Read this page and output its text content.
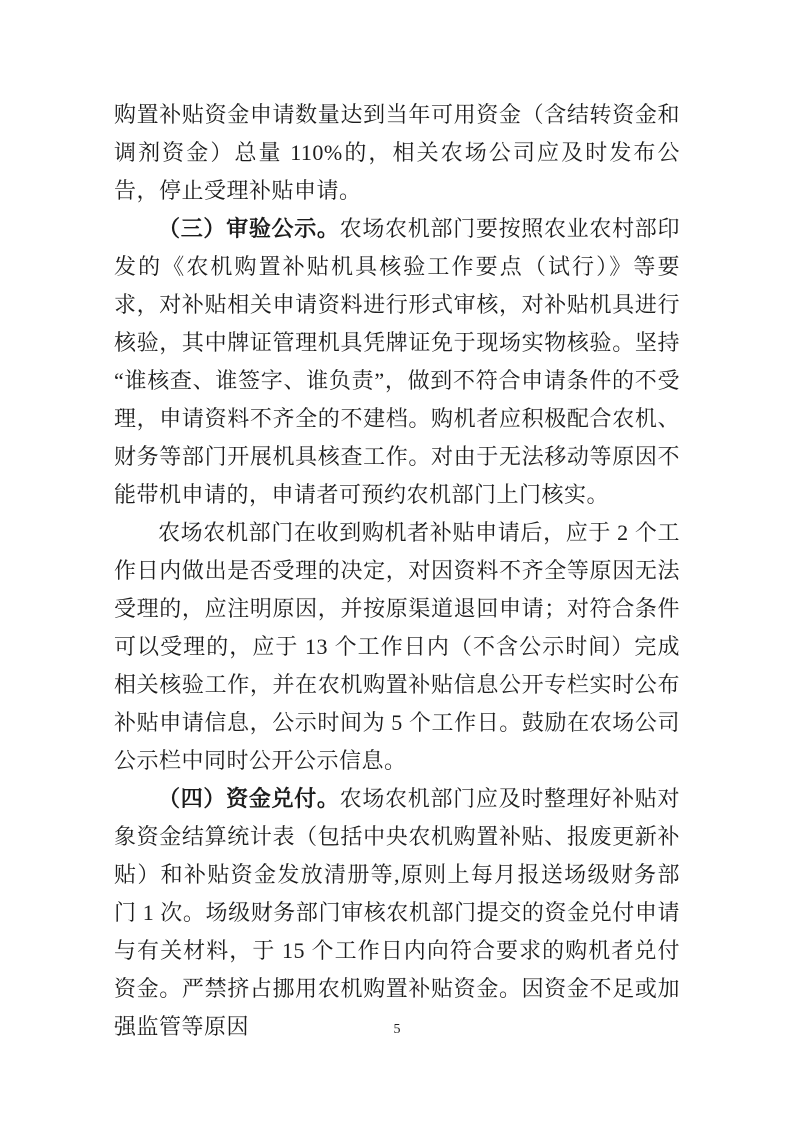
购置补贴资金申请数量达到当年可用资金（含结转资金和调剂资金）总量 110%的，相关农场公司应及时发布公告，停止受理补贴申请。

（三）审验公示。农场农机部门要按照农业农村部印发的《农机购置补贴机具核验工作要点（试行）》等要求，对补贴相关申请资料进行形式审核，对补贴机具进行核验，其中牌证管理机具凭牌证免于现场实物核验。坚持“谁核查、谁签字、谁负责”，做到不符合申请条件的不受理，申请资料不齐全的不建档。购机者应积极配合农机、财务等部门开展机具核查工作。对由于无法移动等原因不能带机申请的，申请者可预约农机部门上门核实。

农场农机部门在收到购机者补贴申请后，应于 2 个工作日内做出是否受理的决定，对因资料不齐全等原因无法受理的，应注明原因，并按原渠道退回申请；对符合条件可以受理的，应于 13 个工作日内（不含公示时间）完成相关核验工作，并在农机购置补贴信息公开专栏实时公布补贴申请信息，公示时间为 5 个工作日。鼓励在农场公司公示栏中同时公开公示信息。

（四）资金兑付。农场农机部门应及时整理好补贴对象资金结算统计表（包括中央农机购置补贴、报废更新补贴）和补贴资金发放清册等,原则上每月报送场级财务部门 1 次。场级财务部门审核农机部门提交的资金兑付申请与有关材料，于 15 个工作日内向符合要求的购机者兑付资金。严禁挤占挪用农机购置补贴资金。因资金不足或加强监管等原因	5
